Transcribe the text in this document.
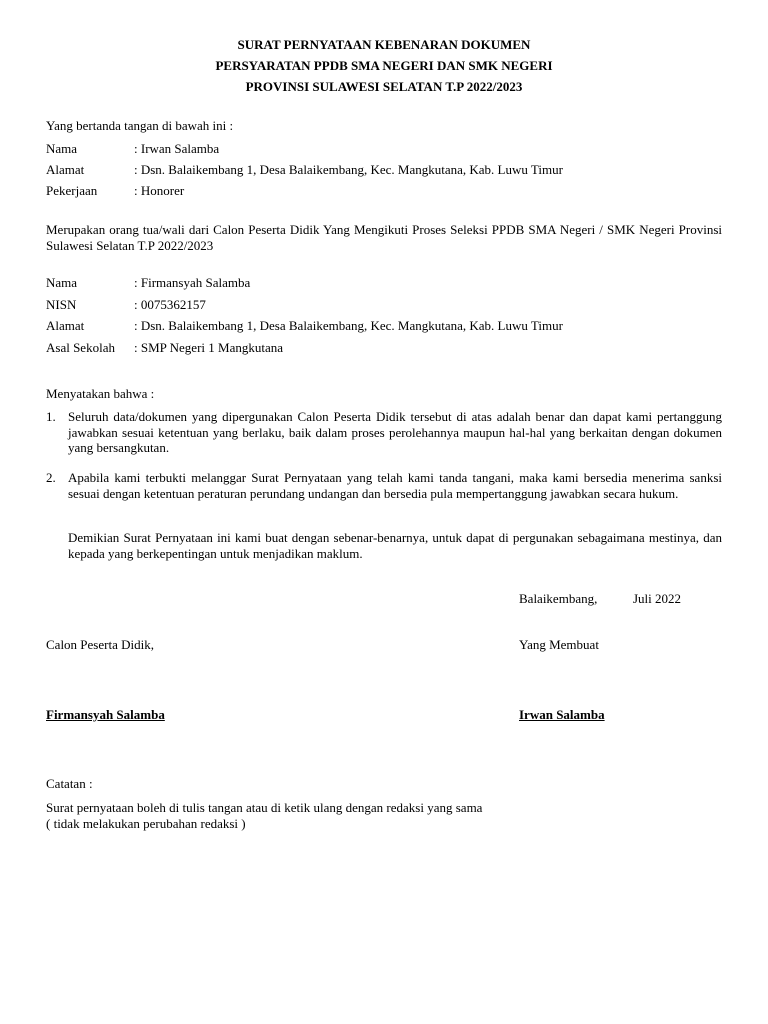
SURAT PERNYATAAN KEBENARAN DOKUMEN
PERSYARATAN PPDB SMA NEGERI DAN SMK NEGERI
PROVINSI SULAWESI SELATAN T.P 2022/2023
Yang bertanda tangan di bawah ini :
Nama	: Irwan Salamba
Alamat	: Dsn. Balaikembang 1, Desa Balaikembang, Kec. Mangkutana, Kab. Luwu Timur
Pekerjaan	: Honorer
Merupakan orang tua/wali dari Calon Peserta Didik Yang Mengikuti Proses Seleksi PPDB SMA Negeri / SMK Negeri Provinsi Sulawesi Selatan T.P 2022/2023
Nama	: Firmansyah Salamba
NISN	: 0075362157
Alamat	: Dsn. Balaikembang 1, Desa Balaikembang, Kec. Mangkutana, Kab. Luwu Timur
Asal Sekolah : SMP Negeri 1 Mangkutana
Menyatakan bahwa :
1. Seluruh data/dokumen yang dipergunakan Calon Peserta Didik tersebut di atas adalah benar dan dapat kami pertanggung jawabkan sesuai ketentuan yang berlaku, baik dalam proses perolehannya maupun hal-hal yang berkaitan dengan dokumen yang bersangkutan.
2. Apabila kami terbukti melanggar Surat Pernyataan yang telah kami tanda tangani, maka kami bersedia menerima sanksi sesuai dengan ketentuan peraturan perundang undangan dan bersedia pula mempertanggung jawabkan secara hukum.
Demikian Surat Pernyataan ini kami buat dengan sebenar-benarnya, untuk dapat di pergunakan sebagaimana mestinya, dan kepada yang berkepentingan untuk menjadikan maklum.
Balaikembang,	Juli 2022
Calon Peserta Didik,	Yang Membuat
Firmansyah Salamba	Irwan Salamba
Catatan :
Surat pernyataan boleh di tulis tangan atau di ketik ulang dengan redaksi yang sama
( tidak melakukan perubahan redaksi )
